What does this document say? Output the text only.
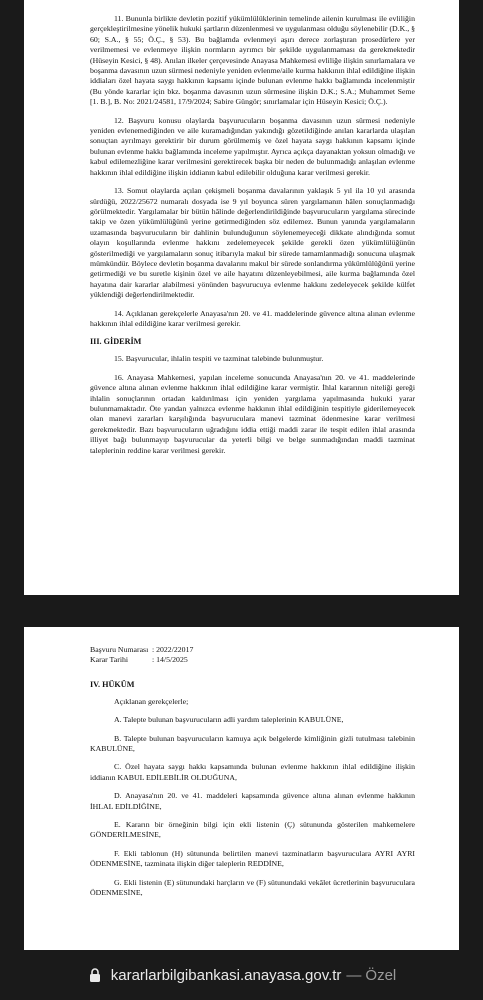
11. Bununla birlikte devletin pozitif yükümlülüklerinin temelinde ailenin kurulması ile evliliğin gerçekleştirilmesine yönelik hukuki şartların düzenlenmesi ve uygulanması olduğu söylenebilir (D.K., § 60; S.A., § 55; Ö.Ç., § 53). Bu bağlamda evlenmeyi aşırı derece zorlaştıran prosedürlere yer verilmemesi ve evlenmeye ilişkin normların ayrımcı bir şekilde uygulanmaması da gerekmektedir (Hüseyin Kesici, § 48). Anılan ilkeler çerçevesinde Anayasa Mahkemesi evliliğe ilişkin sınırlamalara ve boşanma davasının uzun sürmesi nedeniyle yeniden evlenme/aile kurma hakkının ihlal edildiğine ilişkin iddiaları özel hayata saygı hakkının kapsamı içinde bulunan evlenme hakkı bağlamında incelenmiştir (Bu yönde kararlar için bkz. boşanma davasının uzun sürmesine ilişkin D.K.; S.A.; Muhammet Seme [1. B.], B. No: 2021/24581, 17/9/2024; Sabire Güngör; sınırlamalar için Hüseyin Kesici; Ö.Ç.).

12. Başvuru konusu olaylarda başvurucuların boşanma davasının uzun sürmesi nedeniyle yeniden evlenemediğinden ve aile kuramadığından yakındığı gözetildiğinde anılan kararlarda ulaşılan sonuçtan ayrılmayı gerektirir bir durum görülmemiş ve özel hayata saygı hakkının kapsamı içinde bulunan evlenme hakkı bağlamında inceleme yapılmıştır. Ayrıca açıkça dayanaktan yoksun olmadığı ve kabul edilemezliğine karar verilmesini gerektirecek başka bir neden de bulunmadığı anlaşılan evlenme hakkının ihlal edildiğine ilişkin iddianın kabul edilebilir olduğuna karar verilmesi gerekir.

13. Somut olaylarda açılan çekişmeli boşanma davalarının yaklaşık 5 yıl ila 10 yıl arasında sürdüğü, 2022/25672 numaralı dosyada ise 9 yıl boyunca süren yargılamanın hâlen sonuçlanmadığı görülmektedir. Yargılamalar bir bütün hâlinde değerlendirildiğinde başvurucuların yargılama sürecinde takip ve özen yükümlülüğünü yerine getirmediğinden söz edilemez. Bunun yanında yargılamaların uzamasında başvurucuların bir dahlinin bulunduğunun söylenemeyeceği dikkate alındığında somut olayın koşullarında evlenme hakkını zedelemeyecek şekilde gerekli özen yükümlülüğünün gösterilmediği ve yargılamaların sonuç itibarıyla makul bir sürede tamamlanmadığı sonucuna ulaşmak mümkündür. Böylece devletin boşanma davalarını makul bir sürede sonlandırma yükümlülüğünü yerine getirmediği ve bu suretle kişinin özel ve aile hayatını düzenleyebilmesi, aile kurma bağlamında özel hayatına dair kararlar alabilmesi yönünden başvurucuya evlenme hakkını zedeleyecek şekilde külfet yüklendiği değerlendirilmektedir.

14. Açıklanan gerekçelerle Anayasa'nın 20. ve 41. maddelerinde güvence altına alınan evlenme hakkının ihlal edildiğine karar verilmesi gerekir.

III. GİDERİM

15. Başvurucular, ihlalin tespiti ve tazminat talebinde bulunmuştur.

16. Anayasa Mahkemesi, yapılan inceleme sonucunda Anayasa'nın 20. ve 41. maddelerinde güvence altına alınan evlenme hakkının ihlal edildiğine karar vermiştir. İhlal kararının niteliği gereği ihlalin sonuçlarının ortadan kaldırılması için yeniden yargılama yapılmasında hukuki yarar bulunmamaktadır. Öte yandan yalnızca evlenme hakkının ihlal edildiğinin tespitiyle giderilemeyecek olan manevi zararları karşılığında başvuruculara manevi tazminat ödenmesine karar verilmesi gerekmektedir. Bazı başvurucuların uğradığını iddia ettiği maddi zarar ile tespit edilen ihlal arasında illiyet bağı bulunmayıp başvurucular da yeterli bilgi ve belge sunmadığından maddi tazminat taleplerinin reddine karar verilmesi gerekir.

Başvuru Numarası : 2022/22017

Karar Tarihi	: 14/5/2025

IV. HÜKÜM

Açıklanan gerekçelerle;

A. Talepte bulunan başvurucuların adli yardım taleplerinin KABULÜNE,

B. Talepte bulunan başvurucuların kamuya açık belgelerde kimliğinin gizli tutulması talebinin KABULÜNE,

C. Özel hayata saygı hakkı kapsamında bulunan evlenme hakkının ihlal edildiğine ilişkin iddianın KABUL EDİLEBİLİR OLDUĞUNA,

D. Anayasa'nın 20. ve 41. maddeleri kapsamında güvence altına alınan evlenme hakkının İHLAL EDİLDİĞİNE,

E. Kararın bir örneğinin bilgi için ekli listenin (Ç) sütununda gösterilen mahkemelere GÖNDERİLMESİNE,

F. Ekli tablonun (H) sütununda belirtilen manevi tazminatların başvuruculara AYRI AYRI ÖDENMESİNE, tazminata ilişkin diğer taleplerin REDDİNE,

G. Ekli listenin (E) sütunundaki harçların ve (F) sütunundaki vekâlet ücretlerinin başvuruculara ÖDENMESİNE,

kararlarbilgibankasi.anayasa.gov.tr — Özel
